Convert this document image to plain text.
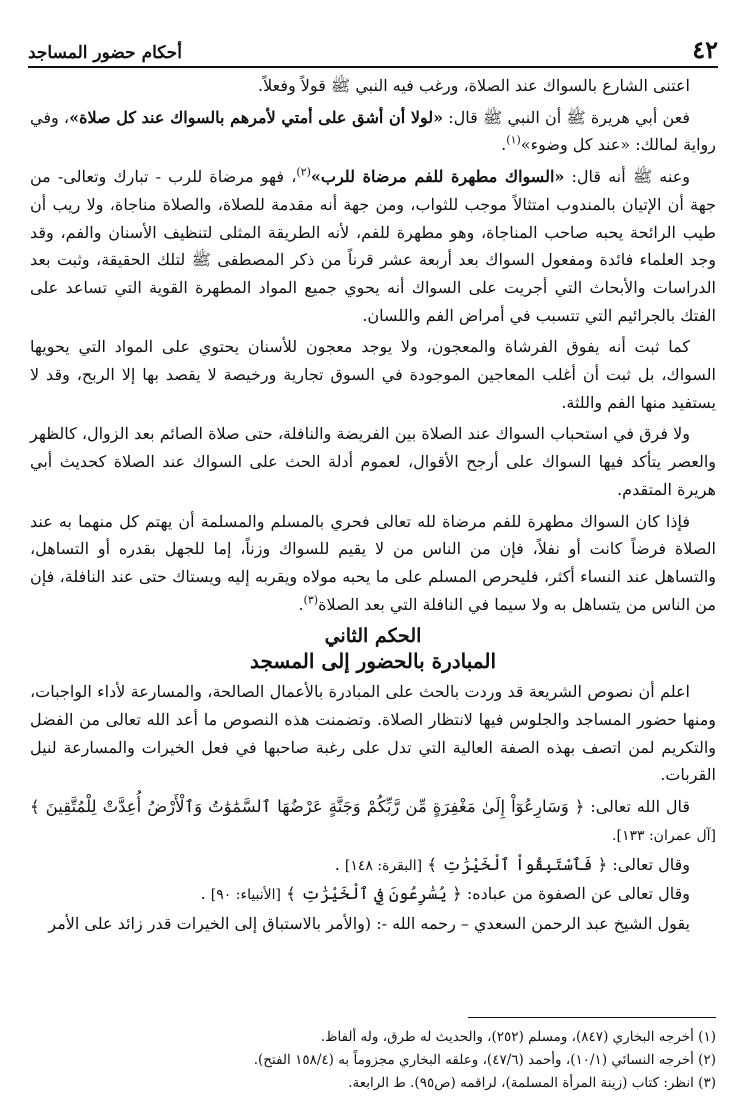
٤٢
أحكام حضور المساجد

اعتنى الشارع بالسواك عند الصلاة، ورغب فيه النبي ﷺ قولاً وفعلاً.

فعن أبي هريرة ﷺ أن النبي ﷺ قال: «لولا أن أشق على أمتي لأمرهم بالسواك عند كل صلاة»، وفي رواية لمالك: «عند كل وضوء»$^{(١)}$.

وعنه ﷺ أنه قال: «السواك مطهرة للفم مرضاة للرب»$^{(٢)}$، فهو مرضاة للرب - تبارك وتعالى- من جهة أن الإتيان بالمندوب امتثالاً موجب للثواب، ومن جهة أنه مقدمة للصلاة، والصلاة مناجاة، ولا ريب أن طيب الرائحة يحبه صاحب المناجاة، وهو مطهرة للفم، لأنه الطريقة المثلى لتنظيف الأسنان والفم، وقد وجد العلماء فائدة ومفعول السواك بعد أربعة عشر قرناً من ذكر المصطفى ﷺ لتلك الحقيقة، وثبت بعد الدراسات والأبحاث التي أجريت على السواك أنه يحوي جميع المواد المطهرة القوية التي تساعد على الفتك بالجرائيم التي تتسبب في أمراض الفم واللسان.

كما ثبت أنه يفوق الفرشاة والمعجون، ولا يوجد معجون للأسنان يحتوي على المواد التي يحويها السواك، بل ثبت أن أغلب المعاجين الموجودة في السوق تجارية ورخيصة لا يقصد بها إلا الربح، وقد لا يستفيد منها الفم واللثة.

ولا فرق في استحباب السواك عند الصلاة بين الفريضة والنافلة، حتى صلاة الصائم بعد الزوال، كالظهر والعصر يتأكد فيها السواك على أرجح الأقوال، لعموم أدلة الحث على السواك عند الصلاة كحديث أبي هريرة المتقدم.

فإذا كان السواك مطهرة للفم مرضاة لله تعالى فحري بالمسلم والمسلمة أن يهتم كل منهما به عند الصلاة فرضاً كانت أو نفلاً، فإن من الناس من لا يقيم للسواك وزناً، إما للجهل بقدره أو التساهل، والتساهل عند النساء أكثر، فليحرص المسلم على ما يحبه مولاه ويقربه إليه ويستاك حتى عند النافلة، فإن من الناس من يتساهل به ولا سيما في النافلة التي بعد الصلاة$^{(٣)}$.

الحكم الثاني
المبادرة بالحضور إلى المسجد

اعلم أن نصوص الشريعة قد وردت بالحث على المبادرة بالأعمال الصالحة، والمسارعة لأداء الواجبات، ومنها حضور المساجد والجلوس فيها لانتظار الصلاة. وتضمنت هذه النصوص ما أعد الله تعالى من الفضل والتكريم لمن اتصف بهذه الصفة العالية التي تدل على رغبة صاحبها في فعل الخيرات والمسارعة لنيل القربات.

قال الله تعالى: ﴿ وَسَارِعُوٓاْ إِلَىٰ مَغْفِرَةٍ مِّن رَّبِّكُمْ وَجَنَّةٍ عَرْضُهَا ٱلسَّمَٰوَٰتُ وَٱلْأَرْضُ أُعِدَّتْ لِلْمُتَّقِينَ ﴾ [آل عمران: ١٣٣].

وقال تعالى: ﴿ فَٱسْتَبِقُواْ ٱلْخَيْرَٰتِ ﴾ [البقرة: ١٤٨] .

وقال تعالى عن الصفوة من عباده: ﴿ يُسَٰرِعُونَ فِي ٱلْخَيْرَٰتِ ﴾ [الأنبياء: ٩٠] .

يقول الشيخ عبد الرحمن السعدي – رحمه الله -: (والأمر بالاستباق إلى الخيرات قدر زائد على الأمر

(١) أخرجه البخاري (٨٤٧)، ومسلم (٢٥٢)، والحديث له طرق، وله ألفاظ.

(٢) أخرجه النسائي (١٠/١)، وأحمد (٤٧/٦)، وعلقه البخاري مجزوماً به (١٥٨/٤ الفتح).

(٣) انظر: كتاب (زينة المرأة المسلمة)، لراقمه (ص٩٥). ط الرابعة.
